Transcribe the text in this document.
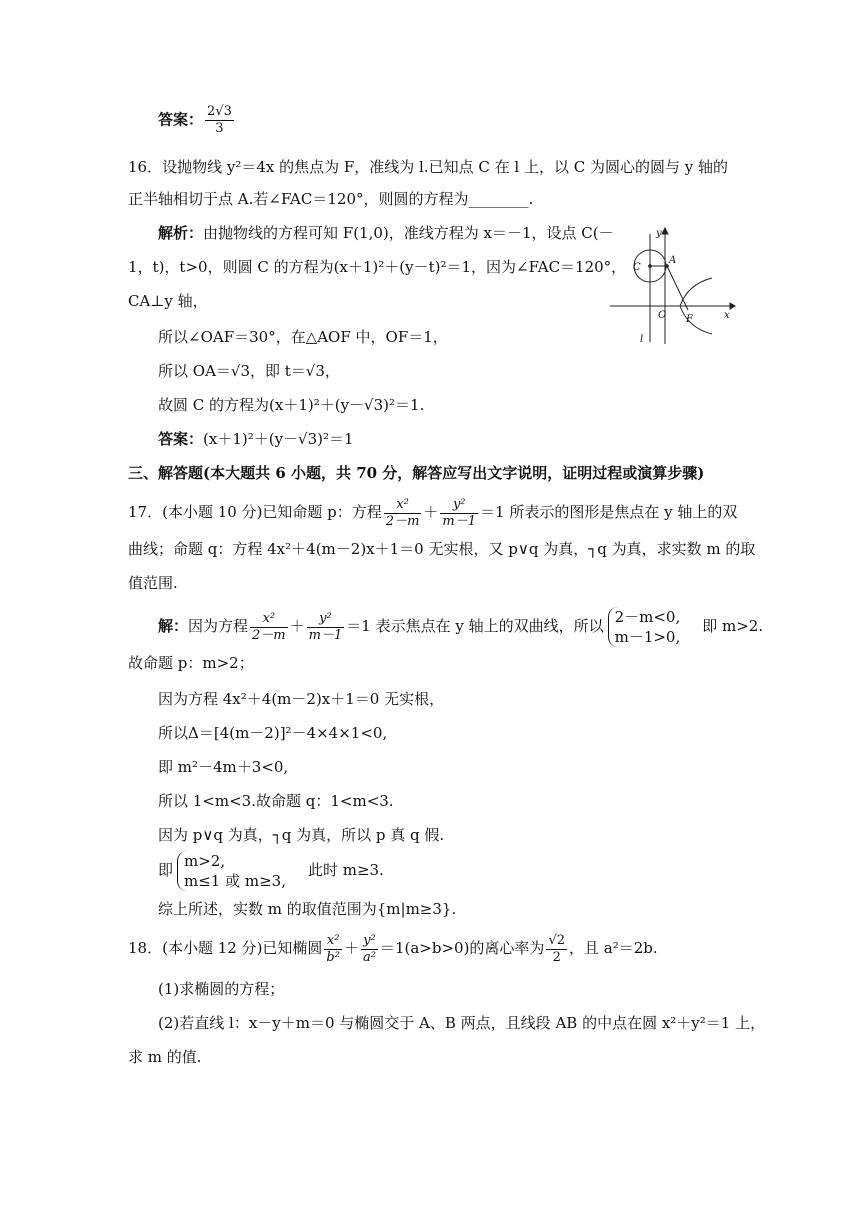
答案： $\frac{2√3}{3}$
16．设抛物线 y²＝4x 的焦点为 F，准线为 l.已知点 C 在 l 上，以 C 为圆心的圆与 y 轴的
正半轴相切于点 A.若∠FAC＝120°，则圆的方程为________.
解析：由抛物线的方程可知 F(1,0)，准线方程为 x＝－1，设点 C(－
1，t)，t>0，则圆 C 的方程为(x＋1)²＋(y－t)²＝1，因为∠FAC＝120°，
CA⊥y 轴，
所以∠OAF＝30°，在△AOF 中，OF＝1，
所以 OA＝√3，即 t＝√3，
故圆 C 的方程为(x＋1)²＋(y－√3)²＝1.
答案：(x＋1)²＋(y－√3)²＝1
y
C
A
O F	x
l
三、解答题(本大题共 6 小题，共 70 分，解答应写出文字说明，证明过程或演算步骤)
17．(本小题 10 分)已知命题 p：方程 $\frac{\text{x²}}{2-m} + \frac{\text{y²}}{m-1} =1$ 所表示的图形是焦点在 y 轴上的双
曲线；命题 q：方程 4x²＋4(m－2)x＋1＝0 无实根，又 p∨q 为真，┐q 为真，求实数 m 的取
值范围.
解：因为方程 $\frac{\text{x²}}{2-m} + \frac{\text{y²}}{m-1} =1$ 表示焦点在 y 轴上的双曲线，所以 2－m<0,
m－1>0,
即 m>2.
故命题 p：m>2；
因为方程 4x²＋4(m－2)x＋1＝0 无实根，
所以Δ＝[4(m－2)]²－4×4×1<0,
即 m²－4m＋3<0,
所以 1<m<3.故命题 q：1<m<3.
因为 p∨q 为真，┐q 为真，所以 p 真 q 假.
即 m>2,
m≤1 或 m≥3,
此时 m≥3.
综上所述，实数 m 的取值范围为{m|m≥3}.
18．(本小题 12 分)已知椭圆 $\frac{\text{x²}}{\text{b²}} + \frac{\text{y²}}{\text{a²}} =1(a>b>0)$的离心率为 $\frac{√2}{2}$ ，且 a²＝2b.
(1)求椭圆的方程；
(2)若直线 l：x－y＋m＝0 与椭圆交于 A、B 两点，且线段 AB 的中点在圆 x²＋y²＝1 上，
求 m 的值.
